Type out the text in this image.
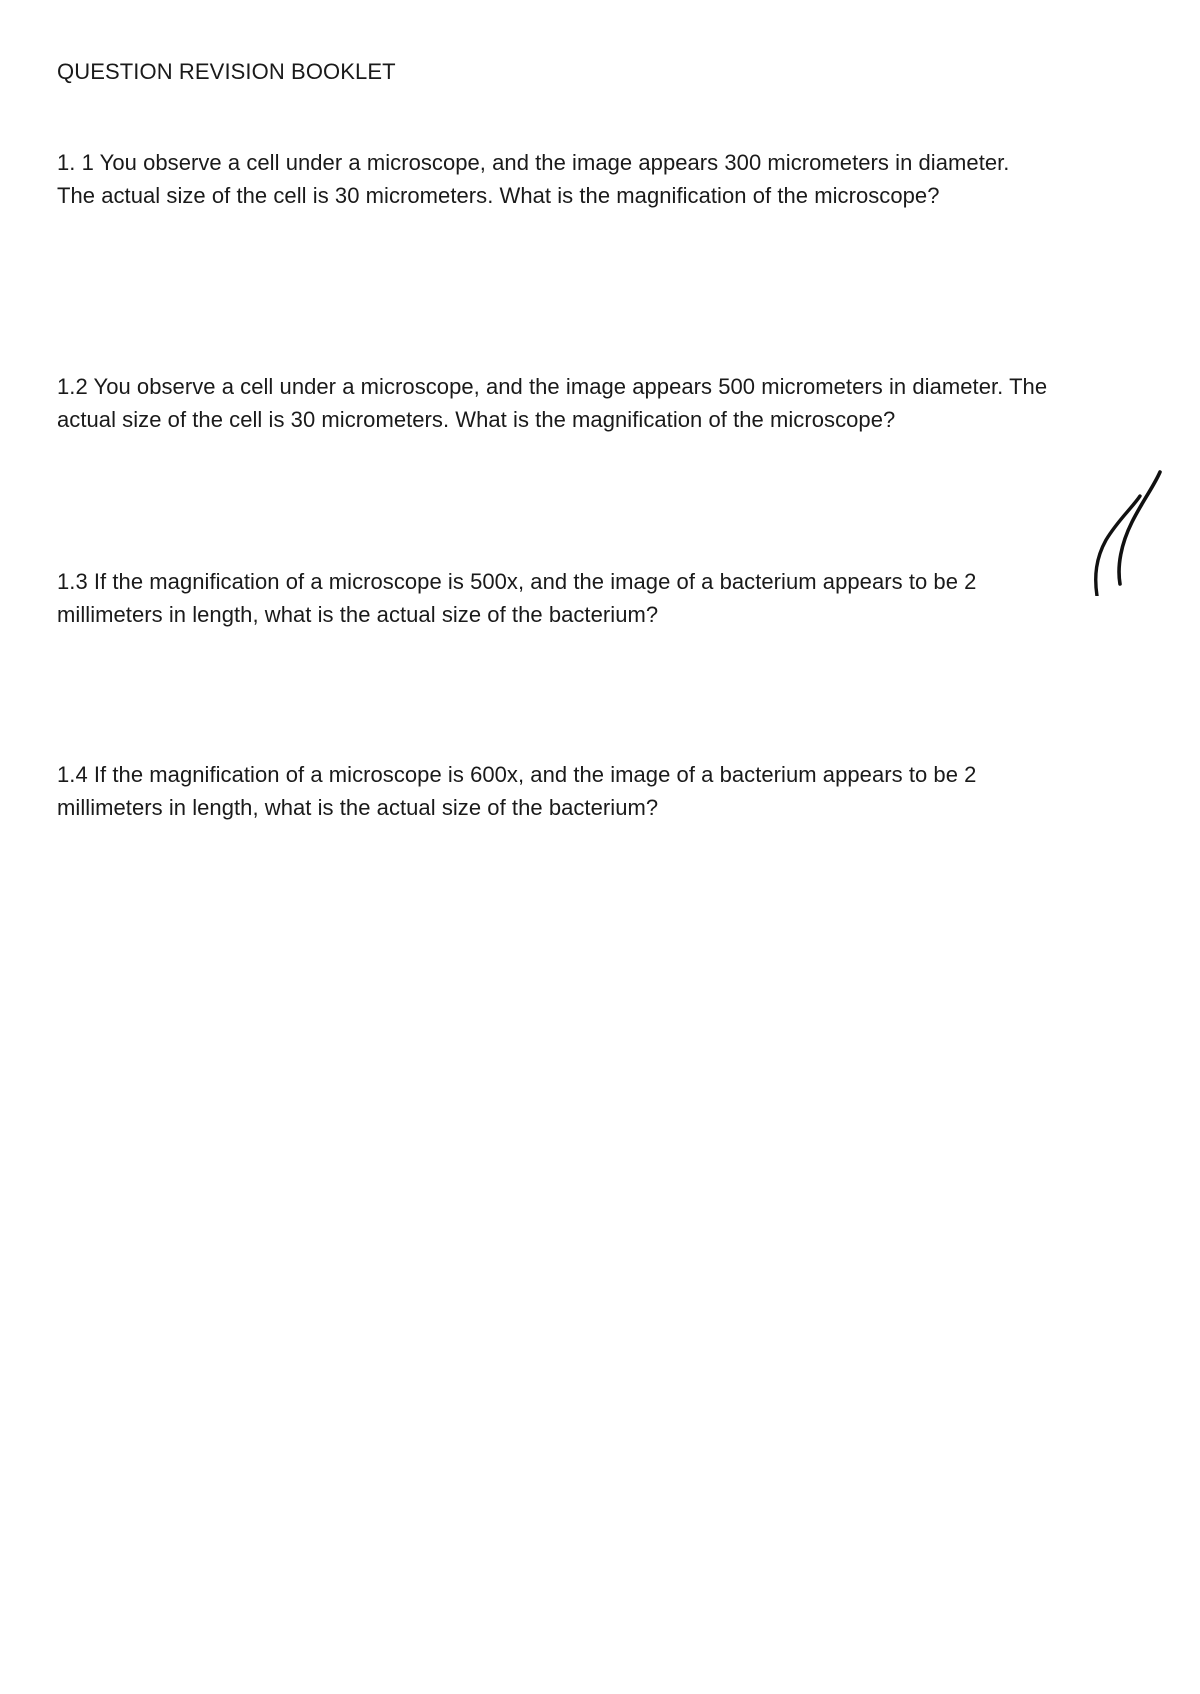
QUESTION REVISION BOOKLET

1. 1 You observe a cell under a microscope, and the image appears 300 micrometers in diameter.

The actual size of the cell is 30 micrometers. What is the magnification of the microscope?

1.2 You observe a cell under a microscope, and the image appears 500 micrometers in diameter. The

actual size of the cell is 30 micrometers. What is the magnification of the microscope?

1.3 If the magnification of a microscope is 500x, and the image of a bacterium appears to be 2

millimeters in length, what is the actual size of the bacterium?

1.4 If the magnification of a microscope is 600x, and the image of a bacterium appears to be 2

millimeters in length, what is the actual size of the bacterium?
